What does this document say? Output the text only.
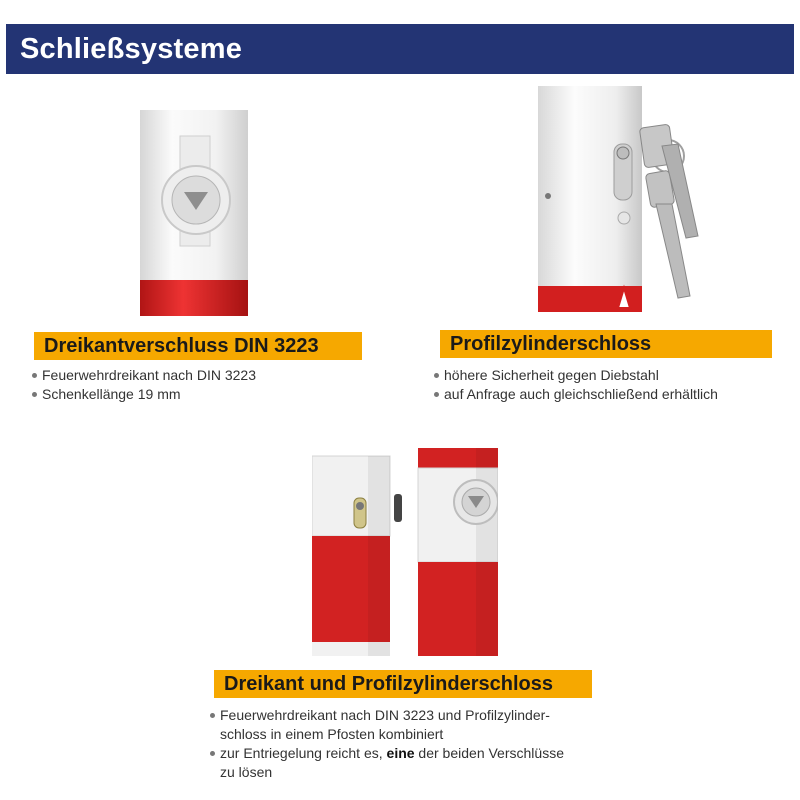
Schließsysteme
Dreikantverschluss DIN 3223
Feuerwehrdreikant nach DIN 3223
Schenkellänge 19 mm
Profilzylinderschloss
höhere Sicherheit gegen Diebstahl
auf Anfrage auch gleichschließend erhältlich
Dreikant und Profilzylinderschloss
Feuerwehrdreikant nach DIN 3223 und Profilzylinder-
schloss in einem Pfosten kombiniert
zur Entriegelung reicht es, eine der beiden Verschlüsse
zu lösen
